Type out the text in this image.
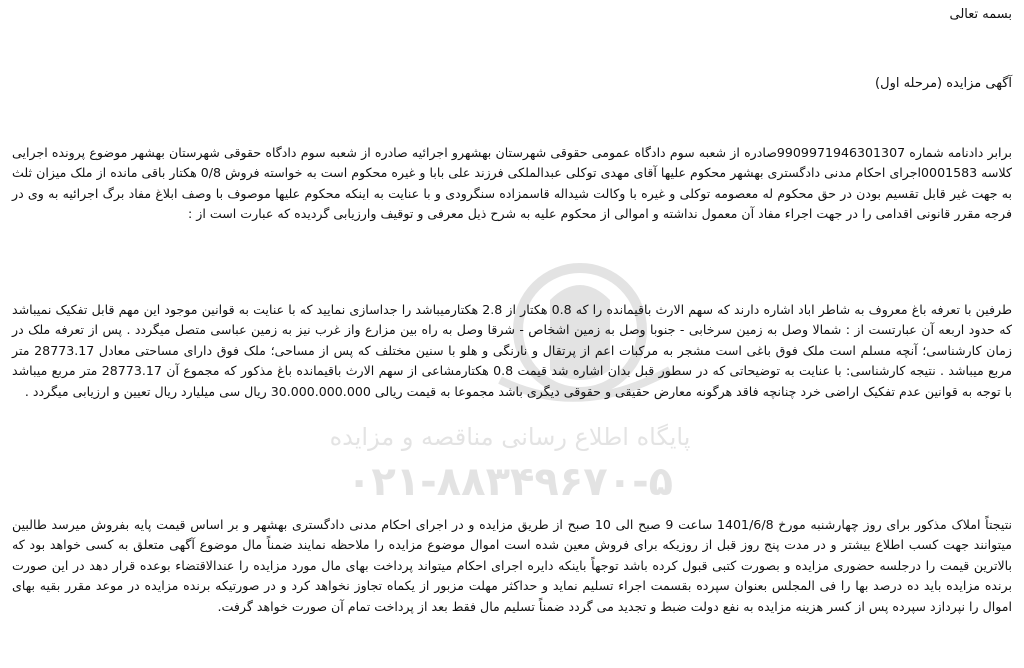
پایگاه اطلاع رسانی مناقصه و مزایده
۰۲۱-۸۸۳۴۹۶۷۰-۵
بسمه تعالی
آگهی مزایده (مرحله اول)
برابر دادنامه شماره 9909971946301307صادره از شعبه سوم دادگاه عمومی حقوقی شهرستان بهشهرو اجرائیه صادره از شعبه سوم دادگاه حقوقی شهرستان بهشهر موضوع پرونده اجرایی کلاسه 0001583اجرای احکام مدنی دادگستری بهشهر محکوم علیها آقای مهدی توکلی عبدالملکی فرزند علی بابا و غیره محکوم است به خواسته فروش 0/8 هکتار باقی مانده از ملک میزان ثلث به جهت غیر قابل تقسیم بودن در حق محکوم له معصومه توکلی و غیره با وکالت شیداله قاسمزاده سنگرودی و با عنایت به اینکه محکوم علیها موصوف با وصف ابلاغ مفاد برگ اجرائیه به وی در فرجه مقرر قانونی اقدامی را در جهت اجراء مفاد آن معمول نداشته و اموالی از محکوم علیه به شرح ذیل معرفی و توقیف وارزیابی گردیده که عبارت است از :
طرفین با تعرفه باغ معروف به شاطر اباد اشاره دارند که سهم الارث باقیمانده را که 0.8 هکتار از 2.8 هکتارمیباشد را جداسازی نمایید که با عنایت به قوانین موجود این مهم قابل تفکیک نمیباشد که حدود اربعه آن عبارتست از : شمالا وصل به زمین سرخابی - جنوبا وصل به زمین اشخاص - شرقا وصل به راه بین مزارع واز غرب نیز به زمین عباسی متصل میگردد . پس از تعرفه ملک در زمان کارشناسی؛ آنچه مسلم است ملک فوق باغی است مشجر به مرکبات اعم از پرتقال و نارنگی و هلو با سنین مختلف که پس از مساحی؛ ملک فوق دارای مساحتی معادل 28773.17 متر مربع میباشد . نتیجه کارشناسی: با عنایت به توضیحاتی که در سطور قبل بدان اشاره شد قیمت 0.8 هکتارمشاعی از سهم الارث باقیمانده باغ مذکور که مجموع آن 28773.17 متر مربع میباشد با توجه به قوانین عدم تفکیک اراضی خرد چنانچه فاقد هرگونه معارض حقیقی و حقوقی دیگری باشد مجموعا به قیمت ریالی 30.000.000.000 ریال سی میلیارد ریال تعیین و ارزیابی میگردد .
نتیجتاً املاک مذکور برای روز چهارشنبه مورخ 1401/6/8 ساعت 9 صبح الی 10 صبح از طریق مزایده و در اجرای احکام مدنی دادگستری بهشهر و بر اساس قیمت پایه بفروش میرسد طالبین میتوانند جهت کسب اطلاع بیشتر و در مدت پنج روز قبل از روزیکه برای فروش معین شده است اموال موضوع مزایده را ملاحظه نمایند ضمناً مال موضوع آگهی متعلق به کسی خواهد بود که بالاترین قیمت را درجلسه حضوری مزایده و بصورت کتبی قبول کرده باشد توجهاً باینکه دایره اجرای احکام میتواند پرداخت بهای مال مورد مزایده را عندالاقتضاء بوعده قرار دهد در این صورت برنده مزایده باید ده درصد بها را فی المجلس بعنوان سپرده بقسمت اجراء تسلیم نماید و حداکثر مهلت مزبور از یکماه تجاوز نخواهد کرد و در صورتیکه برنده مزایده در موعد مقرر بقیه بهای اموال را نپردازد سپرده پس از کسر هزینه مزایده به نفع دولت ضبط و تجدید می گردد ضمناً تسلیم مال فقط بعد از پرداخت تمام آن صورت خواهد گرفت.
